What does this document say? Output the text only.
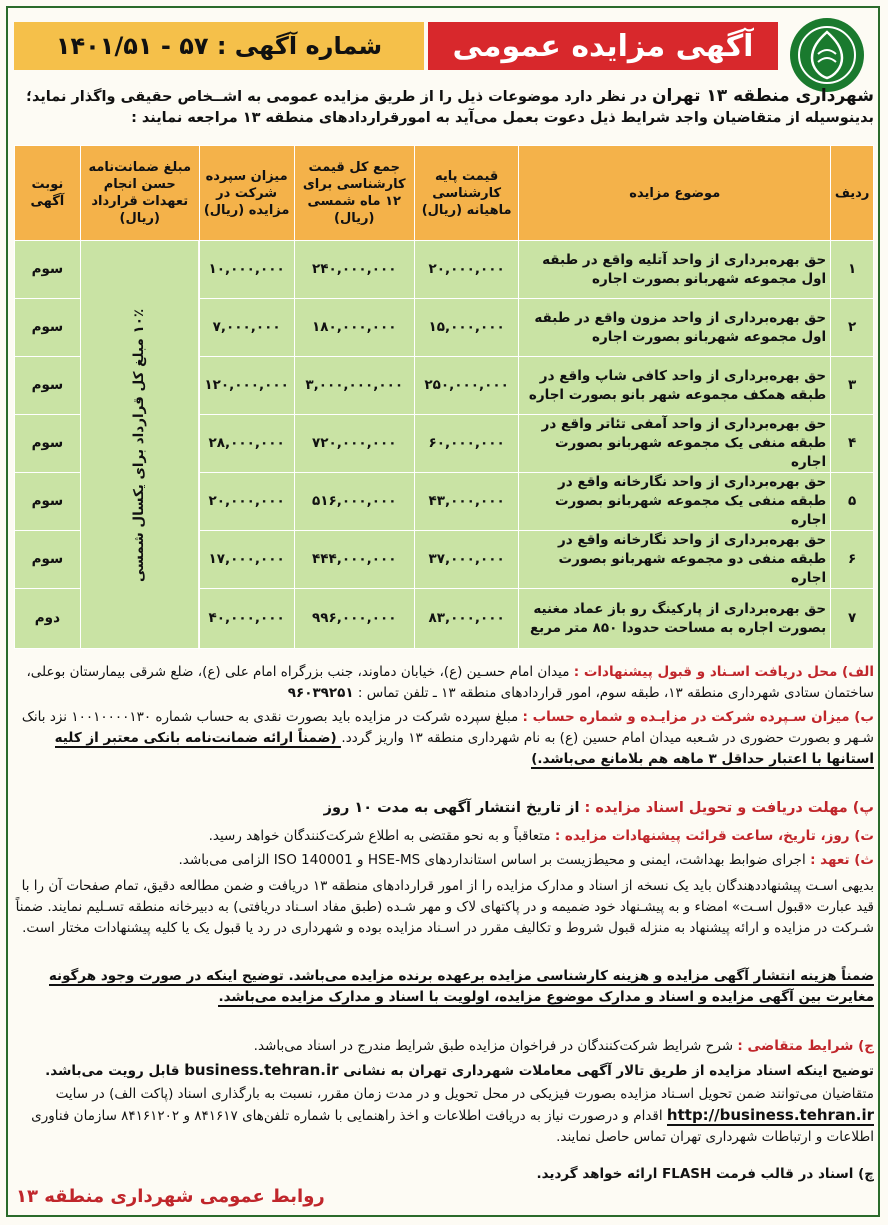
آگهی مزایده عمومی
شماره آگهی : ۵۷ - ۱۴۰۱/۵۱
شهرداری منطقه ۱۳ تهران در نظر دارد موضوعات ذیل را از طریق مزایده عمومی به اشــخاص حقیقی واگذار نماید؛
بدینوسیله از متقاضیان واجد شرایط ذیل دعوت بعمل می‌آید به امورقراردادهای منطقه ۱۳ مراجعه نمایند :
ردیف	موضوع مزایده	قیمت پایه کارشناسی ماهیانه (ریال)	جمع کل قیمت کارشناسی برای ۱۲ ماه شمسی (ریال)	میزان سپرده شرکت در مزایده (ریال)	مبلغ ضمانت‌نامه حسن انجام تعهدات قرارداد (ریال)	نوبت آگهی
۱	حق بهره‌برداری از واحد آتلیه واقع در طبقه اول مجموعه شهربانو بصورت اجاره	۲۰,۰۰۰,۰۰۰	۲۴۰,۰۰۰,۰۰۰	۱۰,۰۰۰,۰۰۰	۱۰٪ مبلغ کل قرارداد برای یکسال شمسی	سوم
۲	حق بهره‌برداری از واحد مزون واقع در طبقه اول مجموعه شهربانو بصورت اجاره	۱۵,۰۰۰,۰۰۰	۱۸۰,۰۰۰,۰۰۰	۷,۰۰۰,۰۰۰		سوم
۳	حق بهره‌برداری از واحد کافی شاپ واقع در طبقه همکف مجموعه شهر بانو بصورت اجاره	۲۵۰,۰۰۰,۰۰۰	۳,۰۰۰,۰۰۰,۰۰۰	۱۲۰,۰۰۰,۰۰۰		سوم
۴	حق بهره‌برداری از واحد آمفی تئاتر واقع در طبقه منفی یک مجموعه شهربانو بصورت اجاره	۶۰,۰۰۰,۰۰۰	۷۲۰,۰۰۰,۰۰۰	۲۸,۰۰۰,۰۰۰		سوم
۵	حق بهره‌برداری از واحد نگارخانه واقع در طبقه منفی یک مجموعه شهربانو بصورت اجاره	۴۳,۰۰۰,۰۰۰	۵۱۶,۰۰۰,۰۰۰	۲۰,۰۰۰,۰۰۰		سوم
۶	حق بهره‌برداری از واحد نگارخانه واقع در طبقه منفی دو مجموعه شهربانو بصورت اجاره	۳۷,۰۰۰,۰۰۰	۴۴۴,۰۰۰,۰۰۰	۱۷,۰۰۰,۰۰۰		سوم
۷	حق بهره‌برداری از پارکینگ رو باز عماد مغنیه بصورت اجاره به مساحت حدودا ۸۵۰ متر مربع	۸۳,۰۰۰,۰۰۰	۹۹۶,۰۰۰,۰۰۰	۴۰,۰۰۰,۰۰۰		دوم
الف) محل دریافت اسـناد و قبول پیشنهادات : میدان امام حسـین (ع)، خیابان دماوند، جنب بزرگراه امام علی (ع)، ضلع شرقی بیمارستان بوعلی، ساختمان ستادی شهرداری منطقه ۱۳، طبقه سوم، امور قراردادهای منطقه ۱۳ ـ تلفن تماس : ۹۶۰۳۹۲۵۱
ب) میزان سـپرده شرکت در مزایـده و شماره حساب : مبلغ سپرده شرکت در مزایده باید بصورت نقدی به حساب شماره ۱۰۰۱۰۰۰۰۱۳۰ نزد بانک شـهر و بصورت حضوری در شـعبه میدان امام حسین (ع) به نام شهرداری منطقه ۱۳ واریز گردد. (ضمناً ارائه ضمانت‌نامه بانکی معتبر از کلیه استانها با اعتبار حداقل ۳ ماهه هم بلامانع می‌باشد.)
پ) مهلت دریافت و تحویل اسناد مزایده : از تاریخ انتشار آگهی به مدت ۱۰ روز
ت) روز، تاریخ، ساعت قرائت پیشنهادات مزایده : متعاقباً و به نحو مقتضی به اطلاع شرکت‌کنندگان خواهد رسید.
ث) تعهد : اجرای ضوابط بهداشت، ایمنی و محیط‌زیست بر اساس استانداردهای HSE-MS و ISO 140001 الزامی می‌باشد.
بدیهی اسـت پیشنهاددهندگان باید یک نسخه از اسناد و مدارک مزایده را از امور قراردادهای منطقه ۱۳ دریافت و ضمن مطالعه دقیق، تمام صفحات آن را با قید عبارت «قبول اسـت» امضاء و به پیشـنهاد خود ضمیمه و در پاکتهای لاک و مهر شـده (طبق مفاد اسـناد دریافتی) به دبیرخانه منطقه تسـلیم نمایند. ضمناً شـرکت در مزایده و ارائه پیشنهاد به منزله قبول شروط و تکالیف مقرر در اسـناد مزایده بوده و شهرداری در رد یا قبول یک یا کلیه پیشنهادات مختار است.
ضمناً هزینه انتشار آگهی مزایده و هزینه کارشناسی مزایده برعهده برنده مزایده می‌باشد. توضیح اینکه در صورت وجود هرگونه مغایرت بین آگهی مزایده و اسناد و مدارک موضوع مزایده، اولویت با اسناد و مدارک مزایده می‌باشد.
ج) شرایط متقاضی : شرح شرایط شرکت‌کنندگان در فراخوان مزایده طبق شرایط مندرج در اسناد می‌باشد.
توضیح اینکه اسناد مزایده از طریق تالار آگهی معاملات شهرداری تهران به نشانی business.tehran.ir قابل رویت می‌باشد.
متقاضیان می‌توانند ضمن تحویل اسـناد مزایده بصورت فیزیکی در محل تحویل و در مدت زمان مقرر، نسبت به بارگذاری اسناد (پاکت الف) در سایت http://business.tehran.ir اقدام و درصورت نیاز به دریافت اطلاعات و اخذ راهنمایی با شماره تلفن‌های ۸۴۱۶۱۷ و ۸۴۱۶۱۲۰۲ سازمان فناوری اطلاعات و ارتباطات شهرداری تهران تماس حاصل نمایند.
چ) اسناد در قالب فرمت FLASH ارائه خواهد گردید.
روابط عمومی شهرداری منطقه ۱۳
